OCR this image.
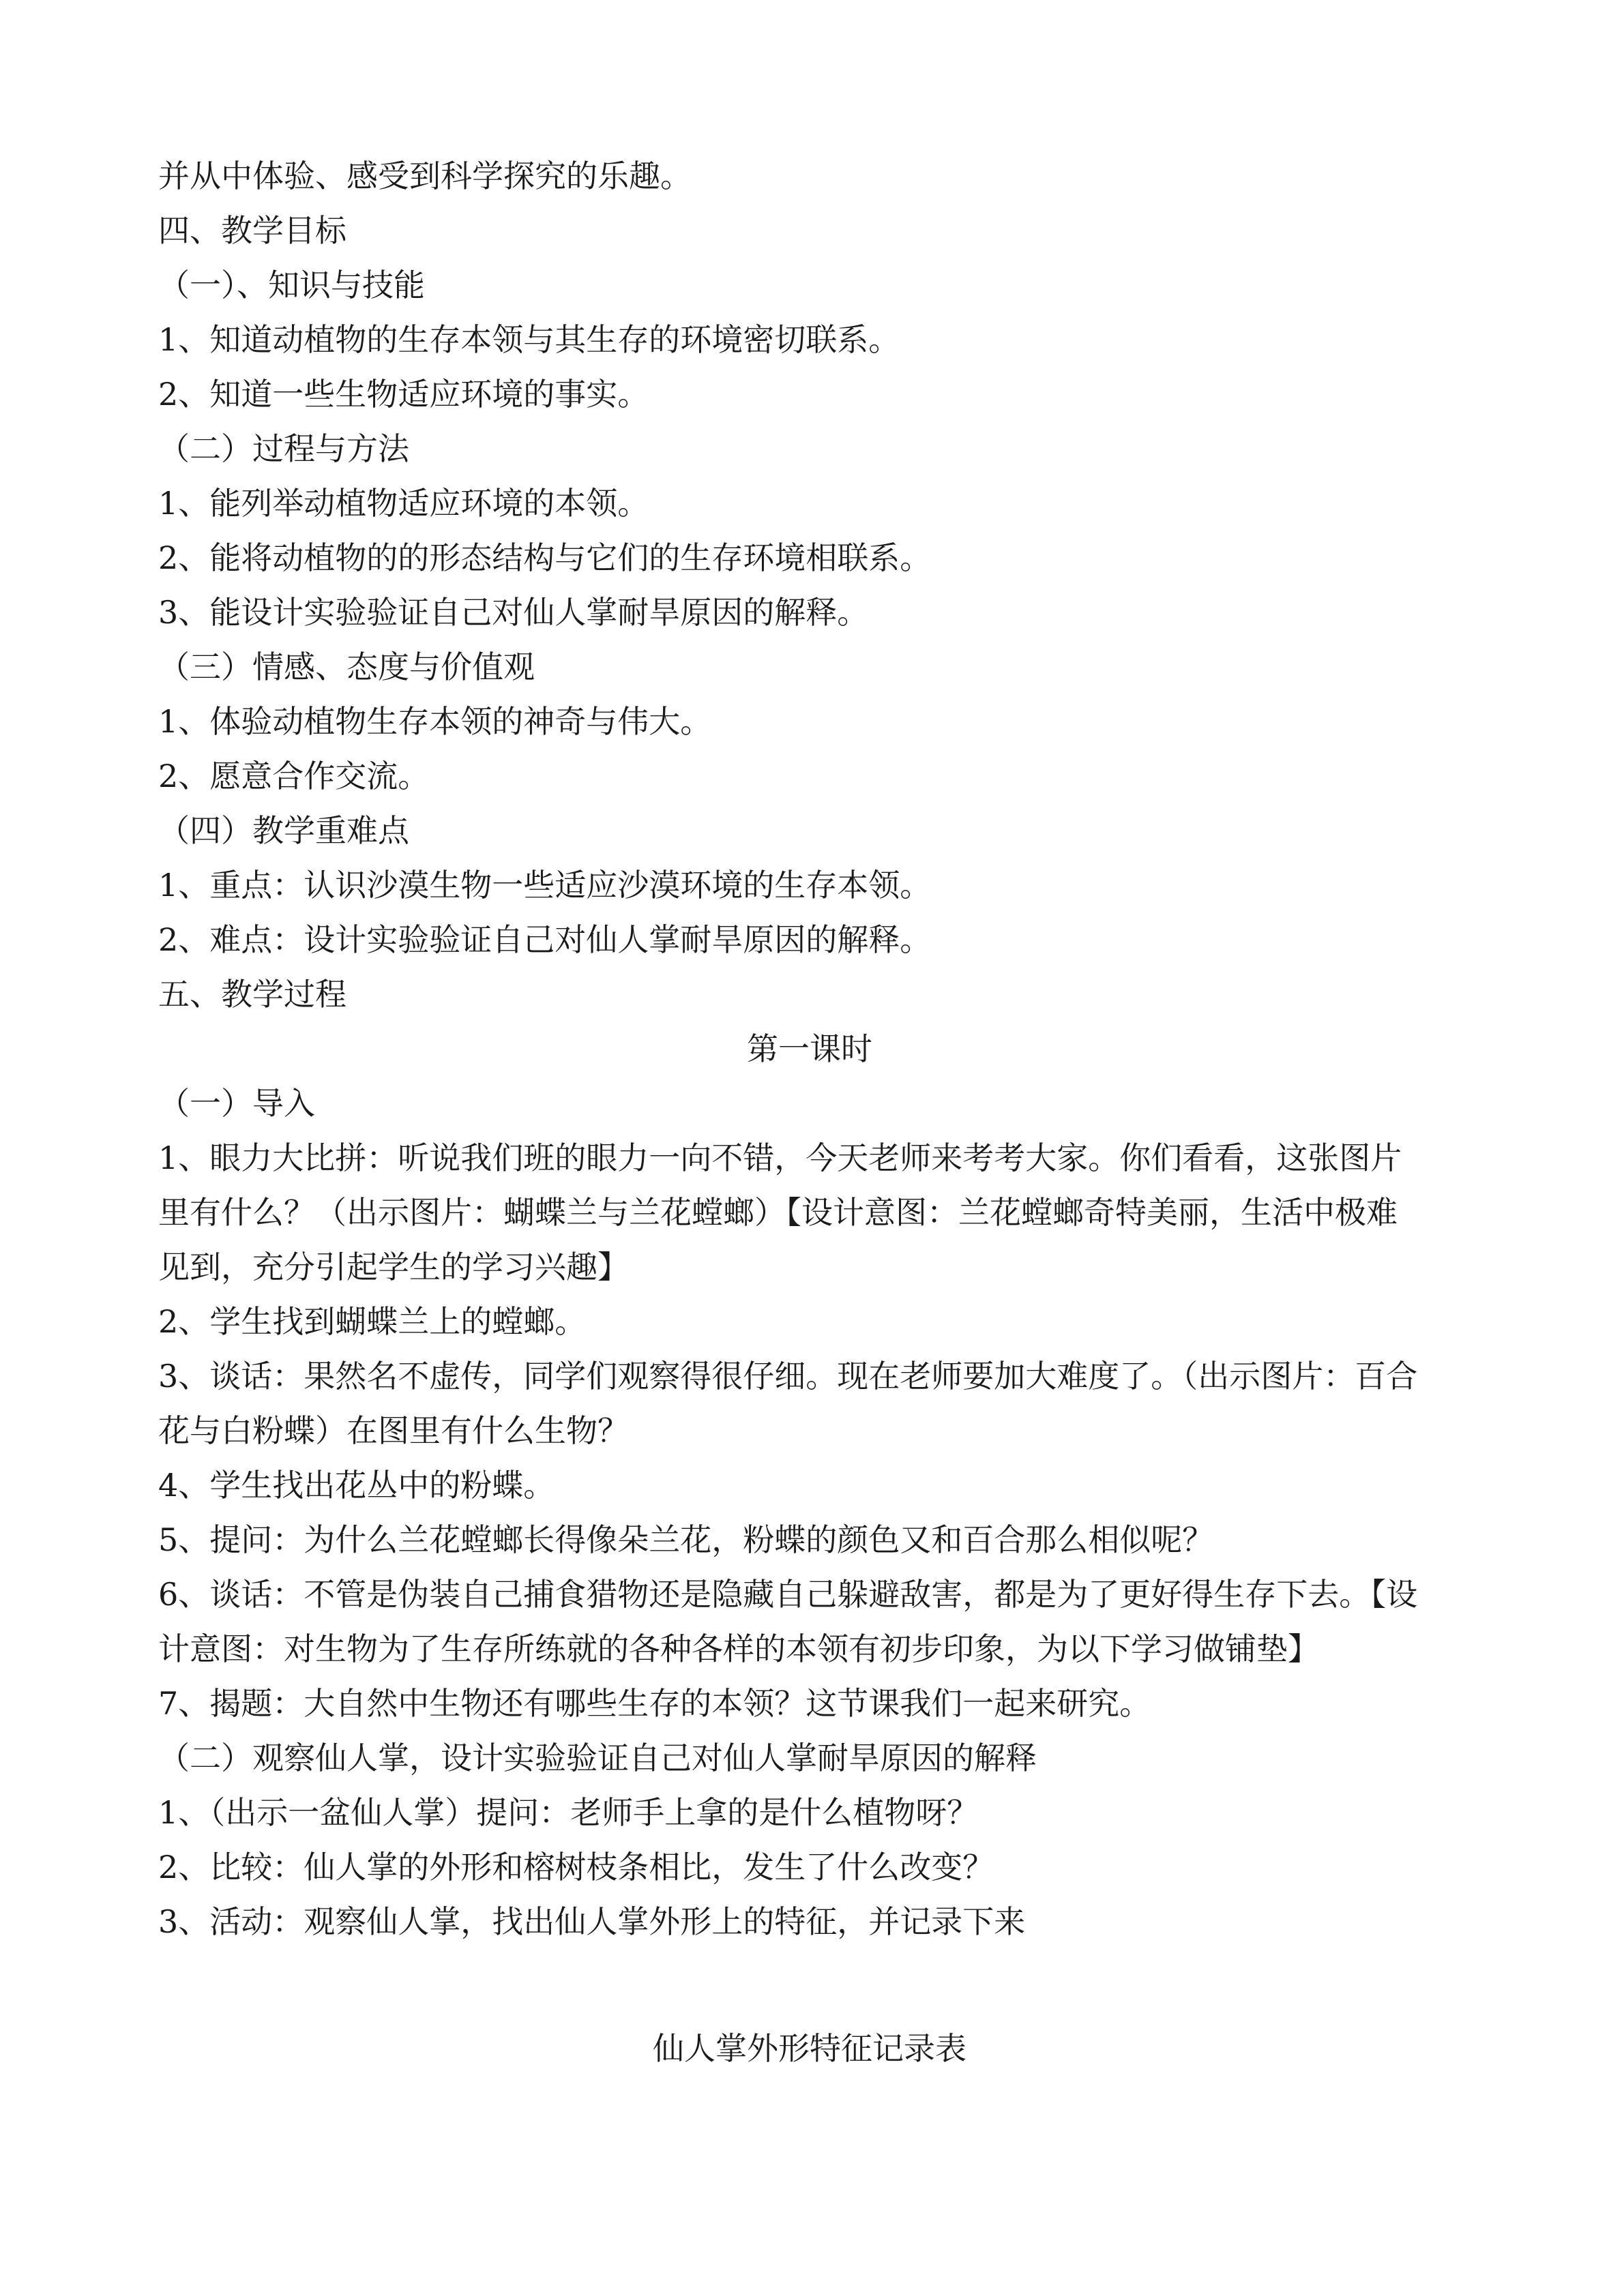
并从中体验、感受到科学探究的乐趣。

四、教学目标

（一）、知识与技能

1、知道动植物的生存本领与其生存的环境密切联系。

2、知道一些生物适应环境的事实。

（二）过程与方法

1、能列举动植物适应环境的本领。

2、能将动植物的的形态结构与它们的生存环境相联系。

3、能设计实验验证自己对仙人掌耐旱原因的解释。

（三）情感、态度与价值观

1、体验动植物生存本领的神奇与伟大。

2、愿意合作交流。

（四）教学重难点

1、重点：认识沙漠生物一些适应沙漠环境的生存本领。

2、难点：设计实验验证自己对仙人掌耐旱原因的解释。

五、教学过程

第一课时

（一）导入

1、眼力大比拼：听说我们班的眼力一向不错，今天老师来考考大家。你们看看，这张图片

里有什么？（出示图片：蝴蝶兰与兰花螳螂）【设计意图：兰花螳螂奇特美丽，生活中极难

见到，充分引起学生的学习兴趣】

2、学生找到蝴蝶兰上的螳螂。

3、谈话：果然名不虚传，同学们观察得很仔细。现在老师要加大难度了。（出示图片：百合

花与白粉蝶）在图里有什么生物？

4、学生找出花丛中的粉蝶。

5、提问：为什么兰花螳螂长得像朵兰花，粉蝶的颜色又和百合那么相似呢？

6、谈话：不管是伪装自己捕食猎物还是隐藏自己躲避敌害，都是为了更好得生存下去。【设

计意图：对生物为了生存所练就的各种各样的本领有初步印象，为以下学习做铺垫】

7、揭题：大自然中生物还有哪些生存的本领？这节课我们一起来研究。

（二）观察仙人掌，设计实验验证自己对仙人掌耐旱原因的解释

1、（出示一盆仙人掌）提问：老师手上拿的是什么植物呀？

2、比较：仙人掌的外形和榕树枝条相比，发生了什么改变？

3、活动：观察仙人掌，找出仙人掌外形上的特征，并记录下来

仙人掌外形特征记录表
